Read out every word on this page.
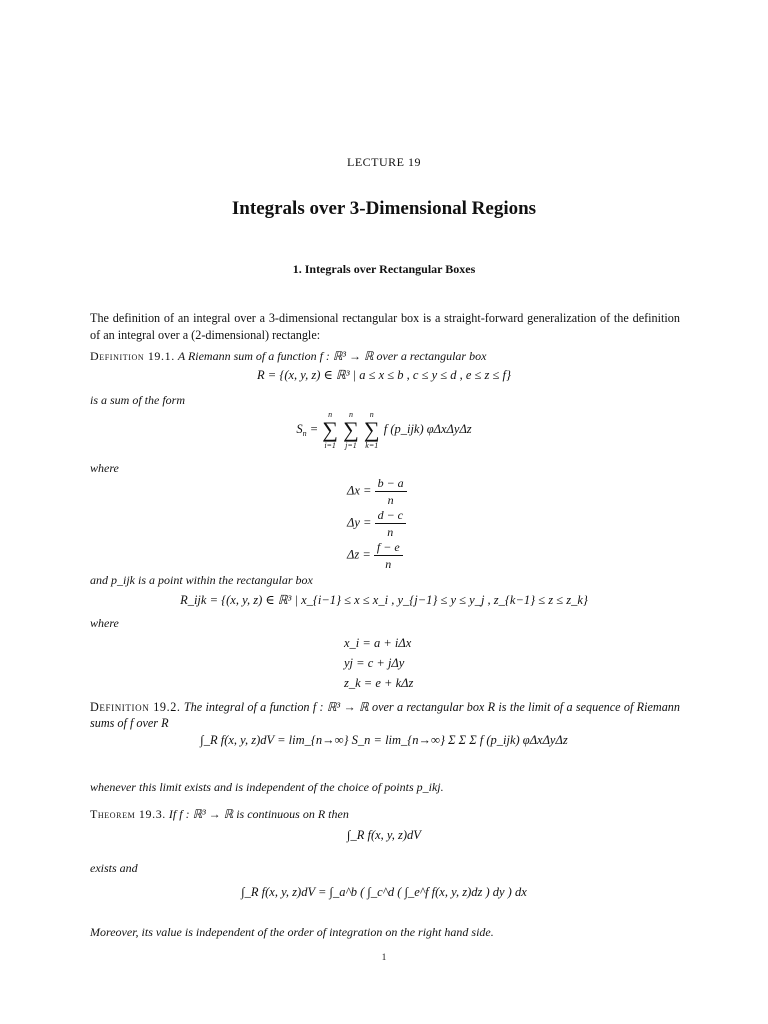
LECTURE 19
Integrals over 3-Dimensional Regions
1. Integrals over Rectangular Boxes
The definition of an integral over a 3-dimensional rectangular box is a straight-forward generalization of the definition of an integral over a (2-dimensional) rectangle:
Definition 19.1. A Riemann sum of a function f : ℝ³ → ℝ over a rectangular box
R = {(x, y, z) ∈ ℝ³ | a ≤ x ≤ b , c ≤ y ≤ d , e ≤ z ≤ f}
is a sum of the form
$S_n$ =
n
∑
i=1

n
∑
j=1

n
∑
k=1
f (p_ijk) φΔxΔyΔz
where
$\Delta x = \frac{b - a}{n}$
$\Delta y = \frac{d - c}{n}$
$\Delta z = \frac{f - e}{n}$
and p_ijk is a point within the rectangular box
R_ijk = {(x, y, z) ∈ ℝ³ | x_{i−1} ≤ x ≤ x_i , y_{j−1} ≤ y ≤ y_j , z_{k−1} ≤ z ≤ z_k}
where
x_i = a + iΔx
yj = c + jΔy
z_k = e + kΔz
Definition 19.2. The integral of a function f : ℝ³ → ℝ over a rectangular box R is the limit of a sequence of Riemann sums of f over R
∫_R f(x, y, z)dV = lim_{n→∞} S_n = lim_{n→∞} Σ Σ Σ f (p_ijk) φΔxΔyΔz
whenever this limit exists and is independent of the choice of points p_ikj.
Theorem 19.3. If f : ℝ³ → ℝ is continuous on R then
∫_R f(x, y, z)dV
exists and
∫_R f(x, y, z)dV = ∫_a^b ( ∫_c^d ( ∫_e^f f(x, y, z)dz ) dy ) dx
Moreover, its value is independent of the order of integration on the right hand side.
1
